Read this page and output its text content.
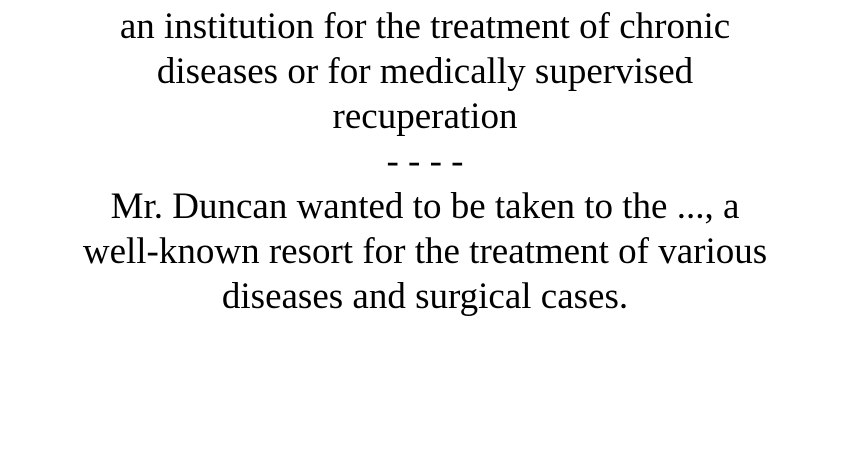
an institution for the treatment of chronic
diseases or for medically supervised
recuperation
- - - -
Mr. Duncan wanted to be taken to the ..., a
well-known resort for the treatment of various
diseases and surgical cases.
